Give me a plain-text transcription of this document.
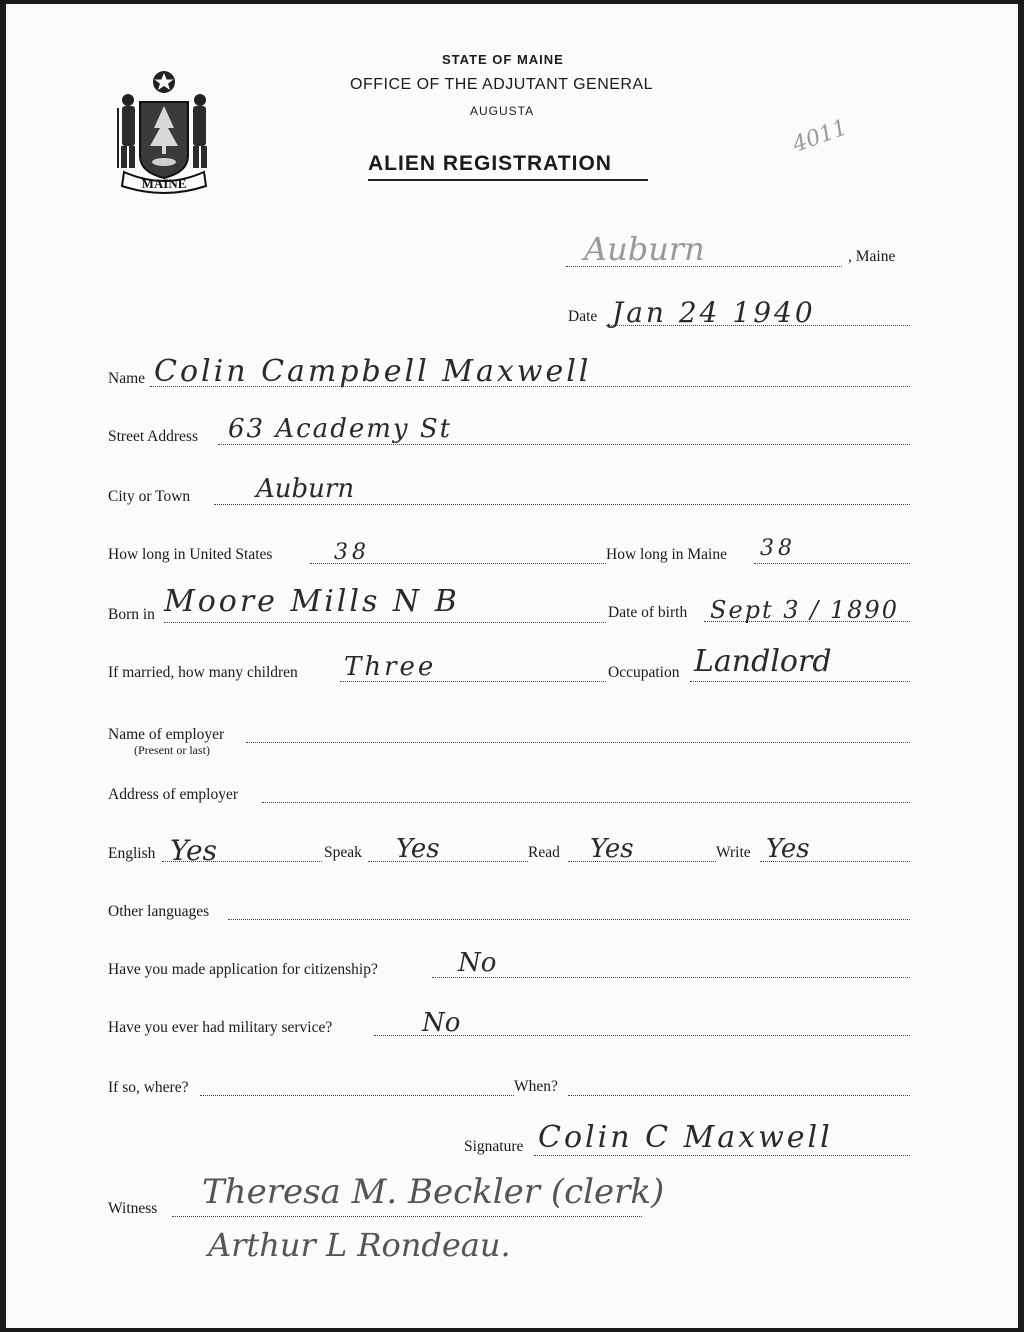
MAINE
STATE OF MAINE
OFFICE OF THE ADJUTANT GENERAL
AUGUSTA
ALIEN REGISTRATION
4011
Auburn	, Maine
Date Jan 24 1940
Name Colin Campbell Maxwell
Street Address 63 Academy St
City or Town	Auburn
How long in United States	38	How long in Maine 38
Born in Moore Mills N B	Date of birth Sept 3 / 1890
If married, how many children Three	Occupation Landlord
Name of employer
(Present or last)
Address of employer
English Yes	Speak Yes	Read Yes	Write Yes
Other languages
Have you made application for citizenship?	No
Have you ever had military service?	No
If so, where?	When?
Signature Colin C Maxwell
Witness Theresa M. Beckler (clerk)
Arthur L Rondeau.
